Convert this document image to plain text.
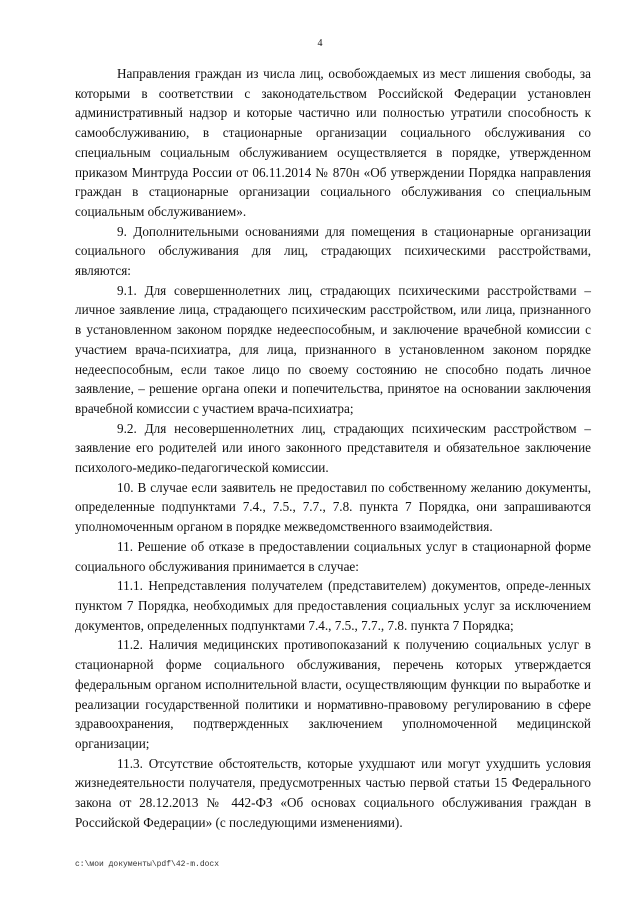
4

Направления граждан из числа лиц, освобождаемых из мест лишения свободы, за которыми в соответствии с законодательством Российской Федерации установлен административный надзор и которые частично или полностью утратили способность к самообслуживанию, в стационарные организации социального обслуживания со специальным социальным обслуживанием осуществляется в порядке, утвержденном приказом Минтруда России от 06.11.2014 № 870н «Об утверждении Порядка направления граждан в стационарные организации социального обслуживания со специальным социальным обслуживанием».

9. Дополнительными основаниями для помещения в стационарные организации социального обслуживания для лиц, страдающих психическими расстройствами, являются:

9.1. Для совершеннолетних лиц, страдающих психическими расстройствами – личное заявление лица, страдающего психическим расстройством, или лица, признанного в установленном законом порядке недееспособным, и заключение врачебной комиссии с участием врача-психиатра, для лица, признанного в установленном законом порядке недееспособным, если такое лицо по своему состоянию не способно подать личное заявление, – решение органа опеки и попечительства, принятое на основании заключения врачебной комиссии с участием врача-психиатра;

9.2. Для несовершеннолетних лиц, страдающих психическим расстройством – заявление его родителей или иного законного представителя и обязательное заключение психолого-медико-педагогической комиссии.

10. В случае если заявитель не предоставил по собственному желанию документы, определенные подпунктами 7.4., 7.5., 7.7., 7.8. пункта 7 Порядка, они запрашиваются уполномоченным органом в порядке межведомственного взаимодействия.

11. Решение об отказе в предоставлении социальных услуг в стационарной форме социального обслуживания принимается в случае:

11.1. Непредставления получателем (представителем) документов, опреде-ленных пунктом 7 Порядка, необходимых для предоставления социальных услуг за исключением документов, определенных подпунктами 7.4., 7.5., 7.7., 7.8. пункта 7 Порядка;

11.2. Наличия медицинских противопоказаний к получению социальных услуг в стационарной форме социального обслуживания, перечень которых утверждается федеральным органом исполнительной власти, осуществляющим функции по выработке и реализации государственной политики и нормативно-правовому регулированию в сфере здравоохранения, подтвержденных заключением уполномоченной медицинской организации;

11.3. Отсутствие обстоятельств, которые ухудшают или могут ухудшить условия жизнедеятельности получателя, предусмотренных частью первой статьи 15 Федерального закона от 28.12.2013 № 442-ФЗ «Об основах социального обслуживания граждан в Российской Федерации» (с последующими изменениями).

c:\мои документы\pdf\42-m.docx
